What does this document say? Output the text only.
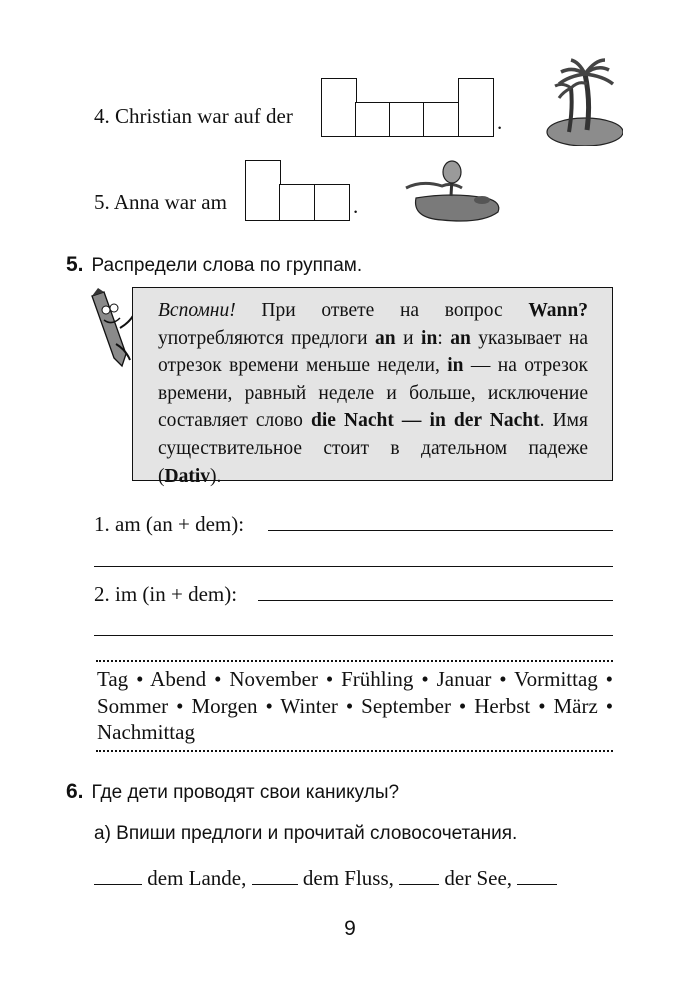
4. Christian war auf der	.
5. Anna war am	.
5. Распредели слова по группам.
Вспомни! При ответе на вопрос Wann? употребляются предлоги an и in: an указывает на отрезок времени меньше недели, in — на отрезок времени, равный неделе и больше, исключение составляет слово die Nacht — in der Nacht. Имя существительное стоит в дательном падеже (Dativ).
1. am (an + dem):
2. im (in + dem):
Tag • Abend • November • Frühling • Januar • Vormittag • Sommer • Morgen • Winter • September • Herbst • März • Nachmittag
6. Где дети проводят свои каникулы?
а) Впиши предлоги и прочитай словосочетания.
dem Lande,	dem Fluss, der See,
9
